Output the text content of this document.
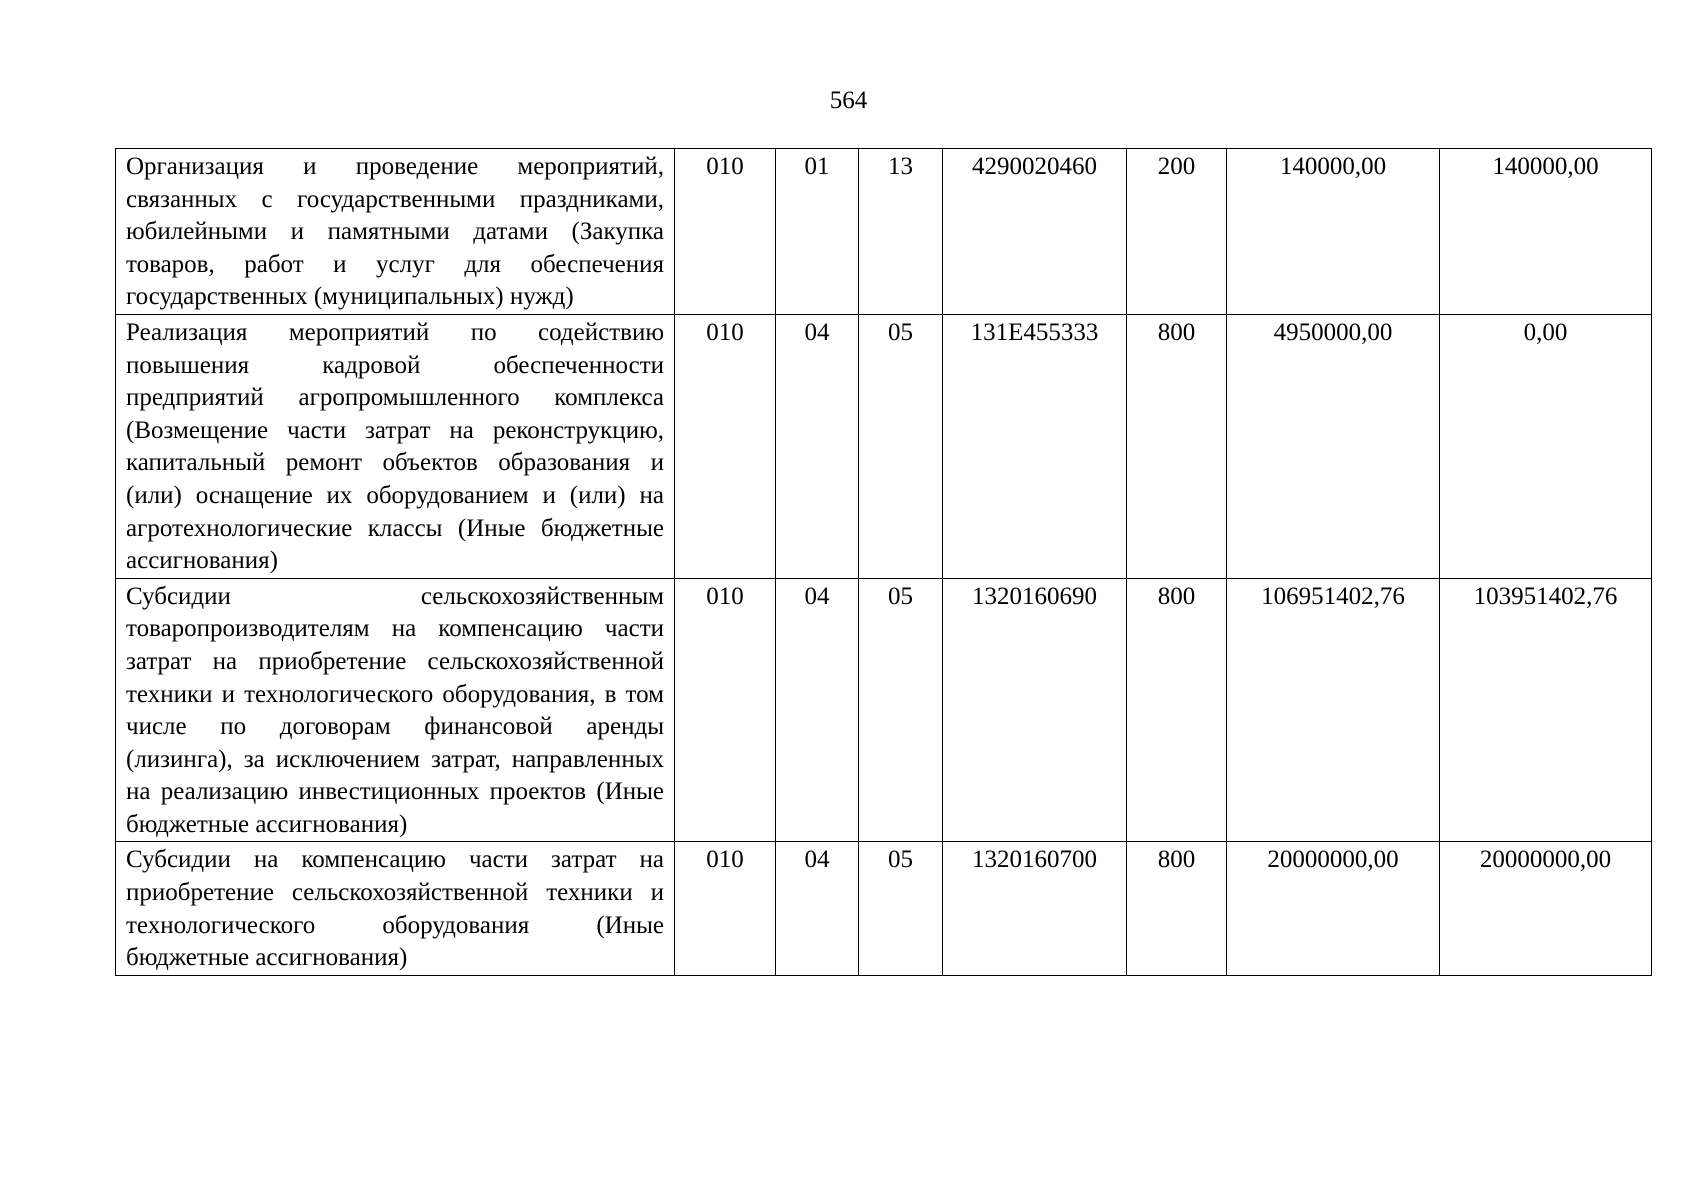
564
Организация и проведение мероприятий, связанных с государственными праздниками, юбилейными и памятными датами (Закупка товаров, работ и услуг для обеспечения государственных (муниципальных) нужд)	010	01	13	4290020460	200	140000,00	140000,00
Реализация мероприятий по содействию повышения кадровой обеспеченности предприятий агропромышленного комплекса (Возмещение части затрат на реконструкцию, капитальный ремонт объектов образования и (или) оснащение их оборудованием и (или) на агротехнологические классы (Иные бюджетные ассигнования)	010	04	05	131Е455333	800	4950000,00	0,00
Субсидии сельскохозяйственным товаропроизводителям на компенсацию части затрат на приобретение сельскохозяйственной техники и технологического оборудования, в том числе по договорам финансовой аренды (лизинга), за исключением затрат, направленных на реализацию инвестиционных проектов (Иные бюджетные ассигнования)	010	04	05	1320160690	800	106951402,76	103951402,76
Субсидии на компенсацию части затрат на приобретение сельскохозяйственной техники и технологического оборудования (Иные бюджетные ассигнования)	010	04	05	1320160700	800	20000000,00	20000000,00
